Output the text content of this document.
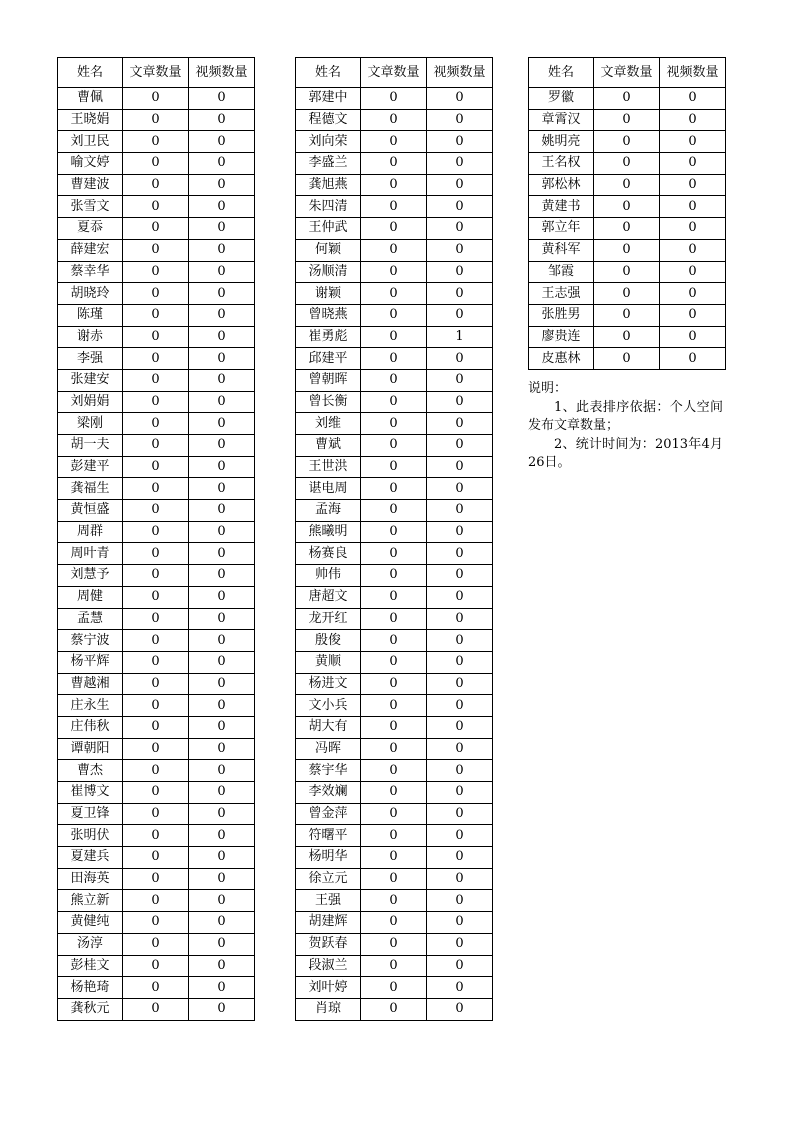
姓名	文章数量	视频数量
曹佩	0	0
王晓娟	0	0
刘卫民	0	0
喻文婷	0	0
曹建波	0	0
张雪文	0	0
夏忝	0	0
薛建宏	0	0
蔡幸华	0	0
胡晓玲	0	0
陈瑾	0	0
谢赤	0	0
李强	0	0
张建安	0	0
刘娟娟	0	0
梁刚	0	0
胡一夫	0	0
彭建平	0	0
龚福生	0	0
黄恒盛	0	0
周群	0	0
周叶青	0	0
刘慧予	0	0
周健	0	0
孟慧	0	0
蔡宁波	0	0
杨平辉	0	0
曹越湘	0	0
庄永生	0	0
庄伟秋	0	0
谭朝阳	0	0
曹杰	0	0
崔博文	0	0
夏卫锋	0	0
张明伏	0	0
夏建兵	0	0
田海英	0	0
熊立新	0	0
黄健纯	0	0
汤淳	0	0
彭桂文	0	0
杨艳琦	0	0
龚秋元	0	0
姓名	文章数量	视频数量
郭建中	0	0
程德文	0	0
刘向荣	0	0
李盛兰	0	0
龚旭燕	0	0
朱四清	0	0
王仲武	0	0
何颖	0	0
汤顺清	0	0
谢颖	0	0
曾晓燕	0	0
崔勇彪	0	1
邱建平	0	0
曾朝晖	0	0
曾长衡	0	0
刘维	0	0
曹斌	0	0
王世洪	0	0
谌电周	0	0
孟海	0	0
熊曦明	0	0
杨赛良	0	0
帅伟	0	0
唐超文	0	0
龙开红	0	0
殷俊	0	0
黄顺	0	0
杨进文	0	0
文小兵	0	0
胡大有	0	0
冯晖	0	0
蔡宇华	0	0
李效斓	0	0
曾金萍	0	0
符曙平	0	0
杨明华	0	0
徐立元	0	0
王强	0	0
胡建辉	0	0
贺跃春	0	0
段淑兰	0	0
刘叶婷	0	0
肖琼	0	0
姓名	文章数量	视频数量
罗徽	0	0
章霄汉	0	0
姚明亮	0	0
王名权	0	0
郭松林	0	0
黄建书	0	0
郭立年	0	0
黄科军	0	0
邹霞	0	0
王志强	0	0
张胜男	0	0
廖贵连	0	0
皮惠林	0	0

说明：

1、此表排序依据：个人空间发布文章数量；

2、统计时间为：2013年4月26日。
